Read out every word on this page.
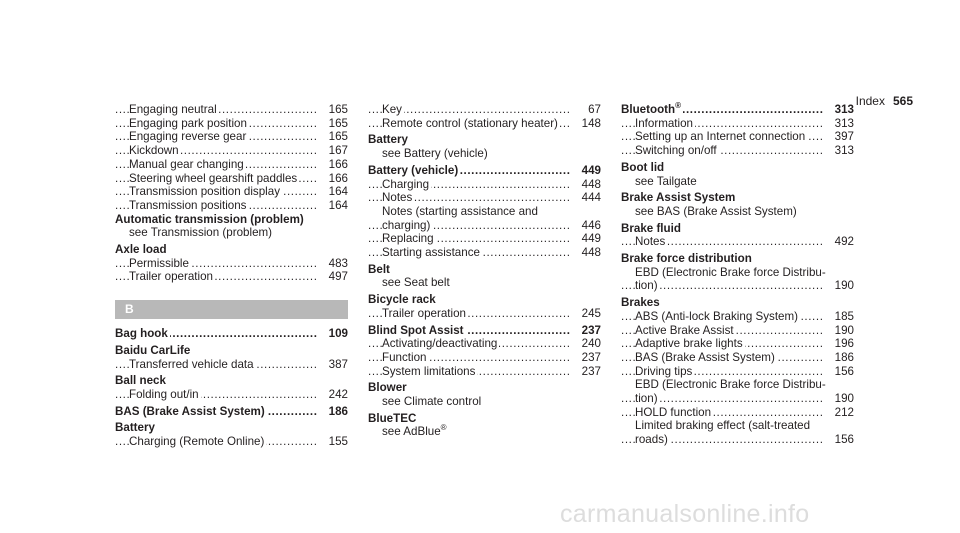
Index 565
Engaging neutral	165
.....
Engaging park position	165
.....
Engaging reverse gear	165
.....
Kickdown	167
.....
Manual gear changing	166
.....
Steering wheel gearshift paddles	166
.....
Transmission position display	164
.....
Transmission positions	164
.....
Automatic transmission (problem)
see Transmission (problem)
Axle load
Permissible	483
.....
Trailer operation	497
.....
B
Bag hook	109
.....
Baidu CarLife
Transferred vehicle data	387
.....
Ball neck
Folding out/in	242
.....
BAS (Brake Assist System)	186
.....
Battery
Charging (Remote Online)	155
.....
Key	67
.....
Remote control (stationary heater) 148
.....
Battery
see Battery (vehicle)
Battery (vehicle)	449
.....
Charging	448
.....
Notes	444
.....
Notes (starting assistance and
charging)	446
.....
Replacing	449
.....
Starting assistance	448
.....
Belt
see Seat belt
Bicycle rack
Trailer operation	245
.....
Blind Spot Assist	237
.....
Activating/deactivating	240
.....
Function	237
.....
System limitations	237
.....
Blower
see Climate control
BlueTEC
see AdBlue®
Bluetooth®	313
.....
Information	313
.....
Setting up an Internet connection	397
.....
Switching on/off	313
.....
Boot lid
see Tailgate
Brake Assist System
see BAS (Brake Assist System)
Brake fluid
Notes	492
.....
Brake force distribution
EBD (Electronic Brake force Distribu-
tion)	190
.....
Brakes
ABS (Anti-lock Braking System)	185
.....
Active Brake Assist	190
.....
Adaptive brake lights	196
.....
BAS (Brake Assist System)	186
.....
Driving tips	156
.....
EBD (Electronic Brake force Distribu-
tion)	190
.....
HOLD function	212
.....
Limited braking effect (salt-treated
roads)	156
.....
carmanualsonline.info
